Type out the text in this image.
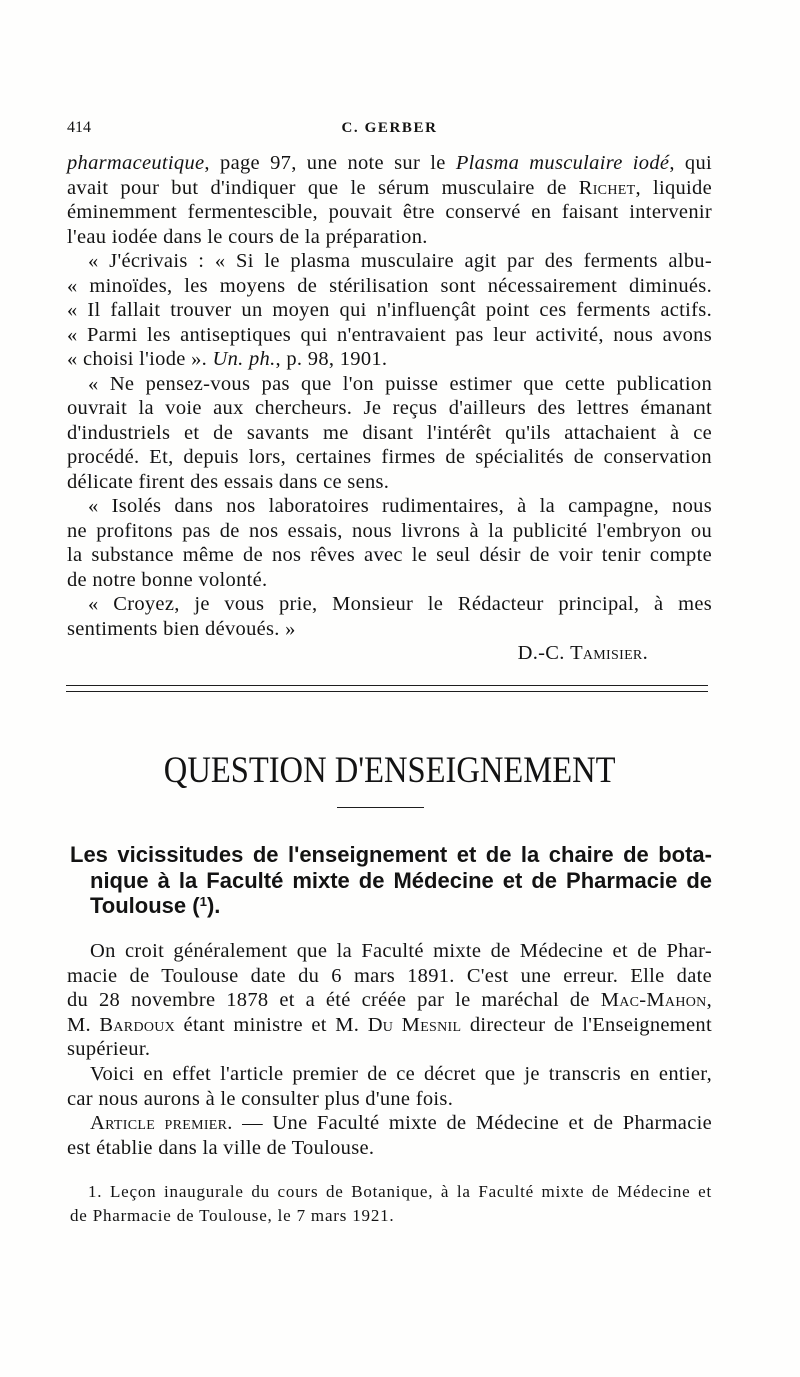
414	C. GERBER
pharmaceutique, page 97, une note sur le Plasma musculaire iodé, qui
avait pour but d'indiquer que le sérum musculaire de Richet, liquide
éminemment fermentescible, pouvait être conservé en faisant intervenir
l'eau iodée dans le cours de la préparation.
« J'écrivais : « Si le plasma musculaire agit par des ferments albu-
« minoïdes, les moyens de stérilisation sont nécessairement diminués.
« Il fallait trouver un moyen qui n'influençât point ces ferments actifs.
« Parmi les antiseptiques qui n'entravaient pas leur activité, nous avons
« choisi l'iode ». Un. ph., p. 98, 1901.
« Ne pensez-vous pas que l'on puisse estimer que cette publication
ouvrait la voie aux chercheurs. Je reçus d'ailleurs des lettres émanant
d'industriels et de savants me disant l'intérêt qu'ils attachaient à ce
procédé. Et, depuis lors, certaines firmes de spécialités de conservation
délicate firent des essais dans ce sens.
« Isolés dans nos laboratoires rudimentaires, à la campagne, nous
ne profitons pas de nos essais, nous livrons à la publicité l'embryon ou
la substance même de nos rêves avec le seul désir de voir tenir compte
de notre bonne volonté.
« Croyez, je vous prie, Monsieur le Rédacteur principal, à mes
sentiments bien dévoués. »
D.-C. Tamisier.
QUESTION D'ENSEIGNEMENT
Les vicissitudes de l'enseignement et de la chaire de bota-
nique à la Faculté mixte de Médecine et de Pharmacie de
Toulouse ($^1$).
On croit généralement que la Faculté mixte de Médecine et de Phar-
macie de Toulouse date du 6 mars 1891. C'est une erreur. Elle date
du 28 novembre 1878 et a été créée par le maréchal de Mac-Mahon,
M. Bardoux étant ministre et M. Du Mesnil directeur de l'Enseignement
supérieur.
Voici en effet l'article premier de ce décret que je transcris en entier,
car nous aurons à le consulter plus d'une fois.
Article premier. — Une Faculté mixte de Médecine et de Pharmacie
est établie dans la ville de Toulouse.
1. Leçon inaugurale du cours de Botanique, à la Faculté mixte de Médecine et
de Pharmacie de Toulouse, le 7 mars 1921.
